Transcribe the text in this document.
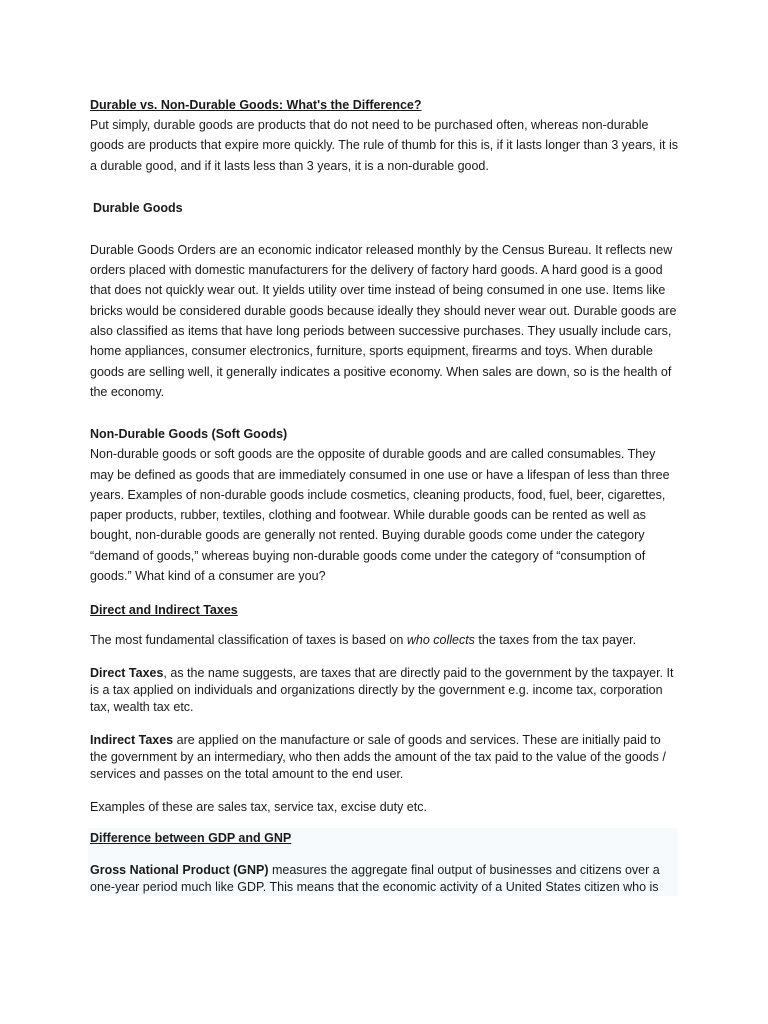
Durable vs. Non-Durable Goods: What's the Difference?

Put simply, durable goods are products that do not need to be purchased often, whereas non-durable goods are products that expire more quickly. The rule of thumb for this is, if it lasts longer than 3 years, it is a durable good, and if it lasts less than 3 years, it is a non-durable good.

Durable Goods

Durable Goods Orders are an economic indicator released monthly by the Census Bureau. It reflects new orders placed with domestic manufacturers for the delivery of factory hard goods. A hard good is a good that does not quickly wear out. It yields utility over time instead of being consumed in one use. Items like bricks would be considered durable goods because ideally they should never wear out. Durable goods are also classified as items that have long periods between successive purchases. They usually include cars, home appliances, consumer electronics, furniture, sports equipment, firearms and toys. When durable goods are selling well, it generally indicates a positive economy. When sales are down, so is the health of the economy.

Non-Durable Goods (Soft Goods)

Non-durable goods or soft goods are the opposite of durable goods and are called consumables. They may be defined as goods that are immediately consumed in one use or have a lifespan of less than three years. Examples of non-durable goods include cosmetics, cleaning products, food, fuel, beer, cigarettes, paper products, rubber, textiles, clothing and footwear. While durable goods can be rented as well as bought, non-durable goods are generally not rented. Buying durable goods come under the category “demand of goods,” whereas buying non-durable goods come under the category of “consumption of goods.” What kind of a consumer are you?

Direct and Indirect Taxes

The most fundamental classification of taxes is based on who collects the taxes from the tax payer.

Direct Taxes, as the name suggests, are taxes that are directly paid to the government by the taxpayer. It is a tax applied on individuals and organizations directly by the government e.g. income tax, corporation tax, wealth tax etc.

Indirect Taxes are applied on the manufacture or sale of goods and services. These are initially paid to the government by an intermediary, who then adds the amount of the tax paid to the value of the goods / services and passes on the total amount to the end user.

Examples of these are sales tax, service tax, excise duty etc.

Difference between GDP and GNP

Gross National Product (GNP) measures the aggregate final output of businesses and citizens over a one-year period much like GDP. This means that the economic activity of a United States citizen who is
